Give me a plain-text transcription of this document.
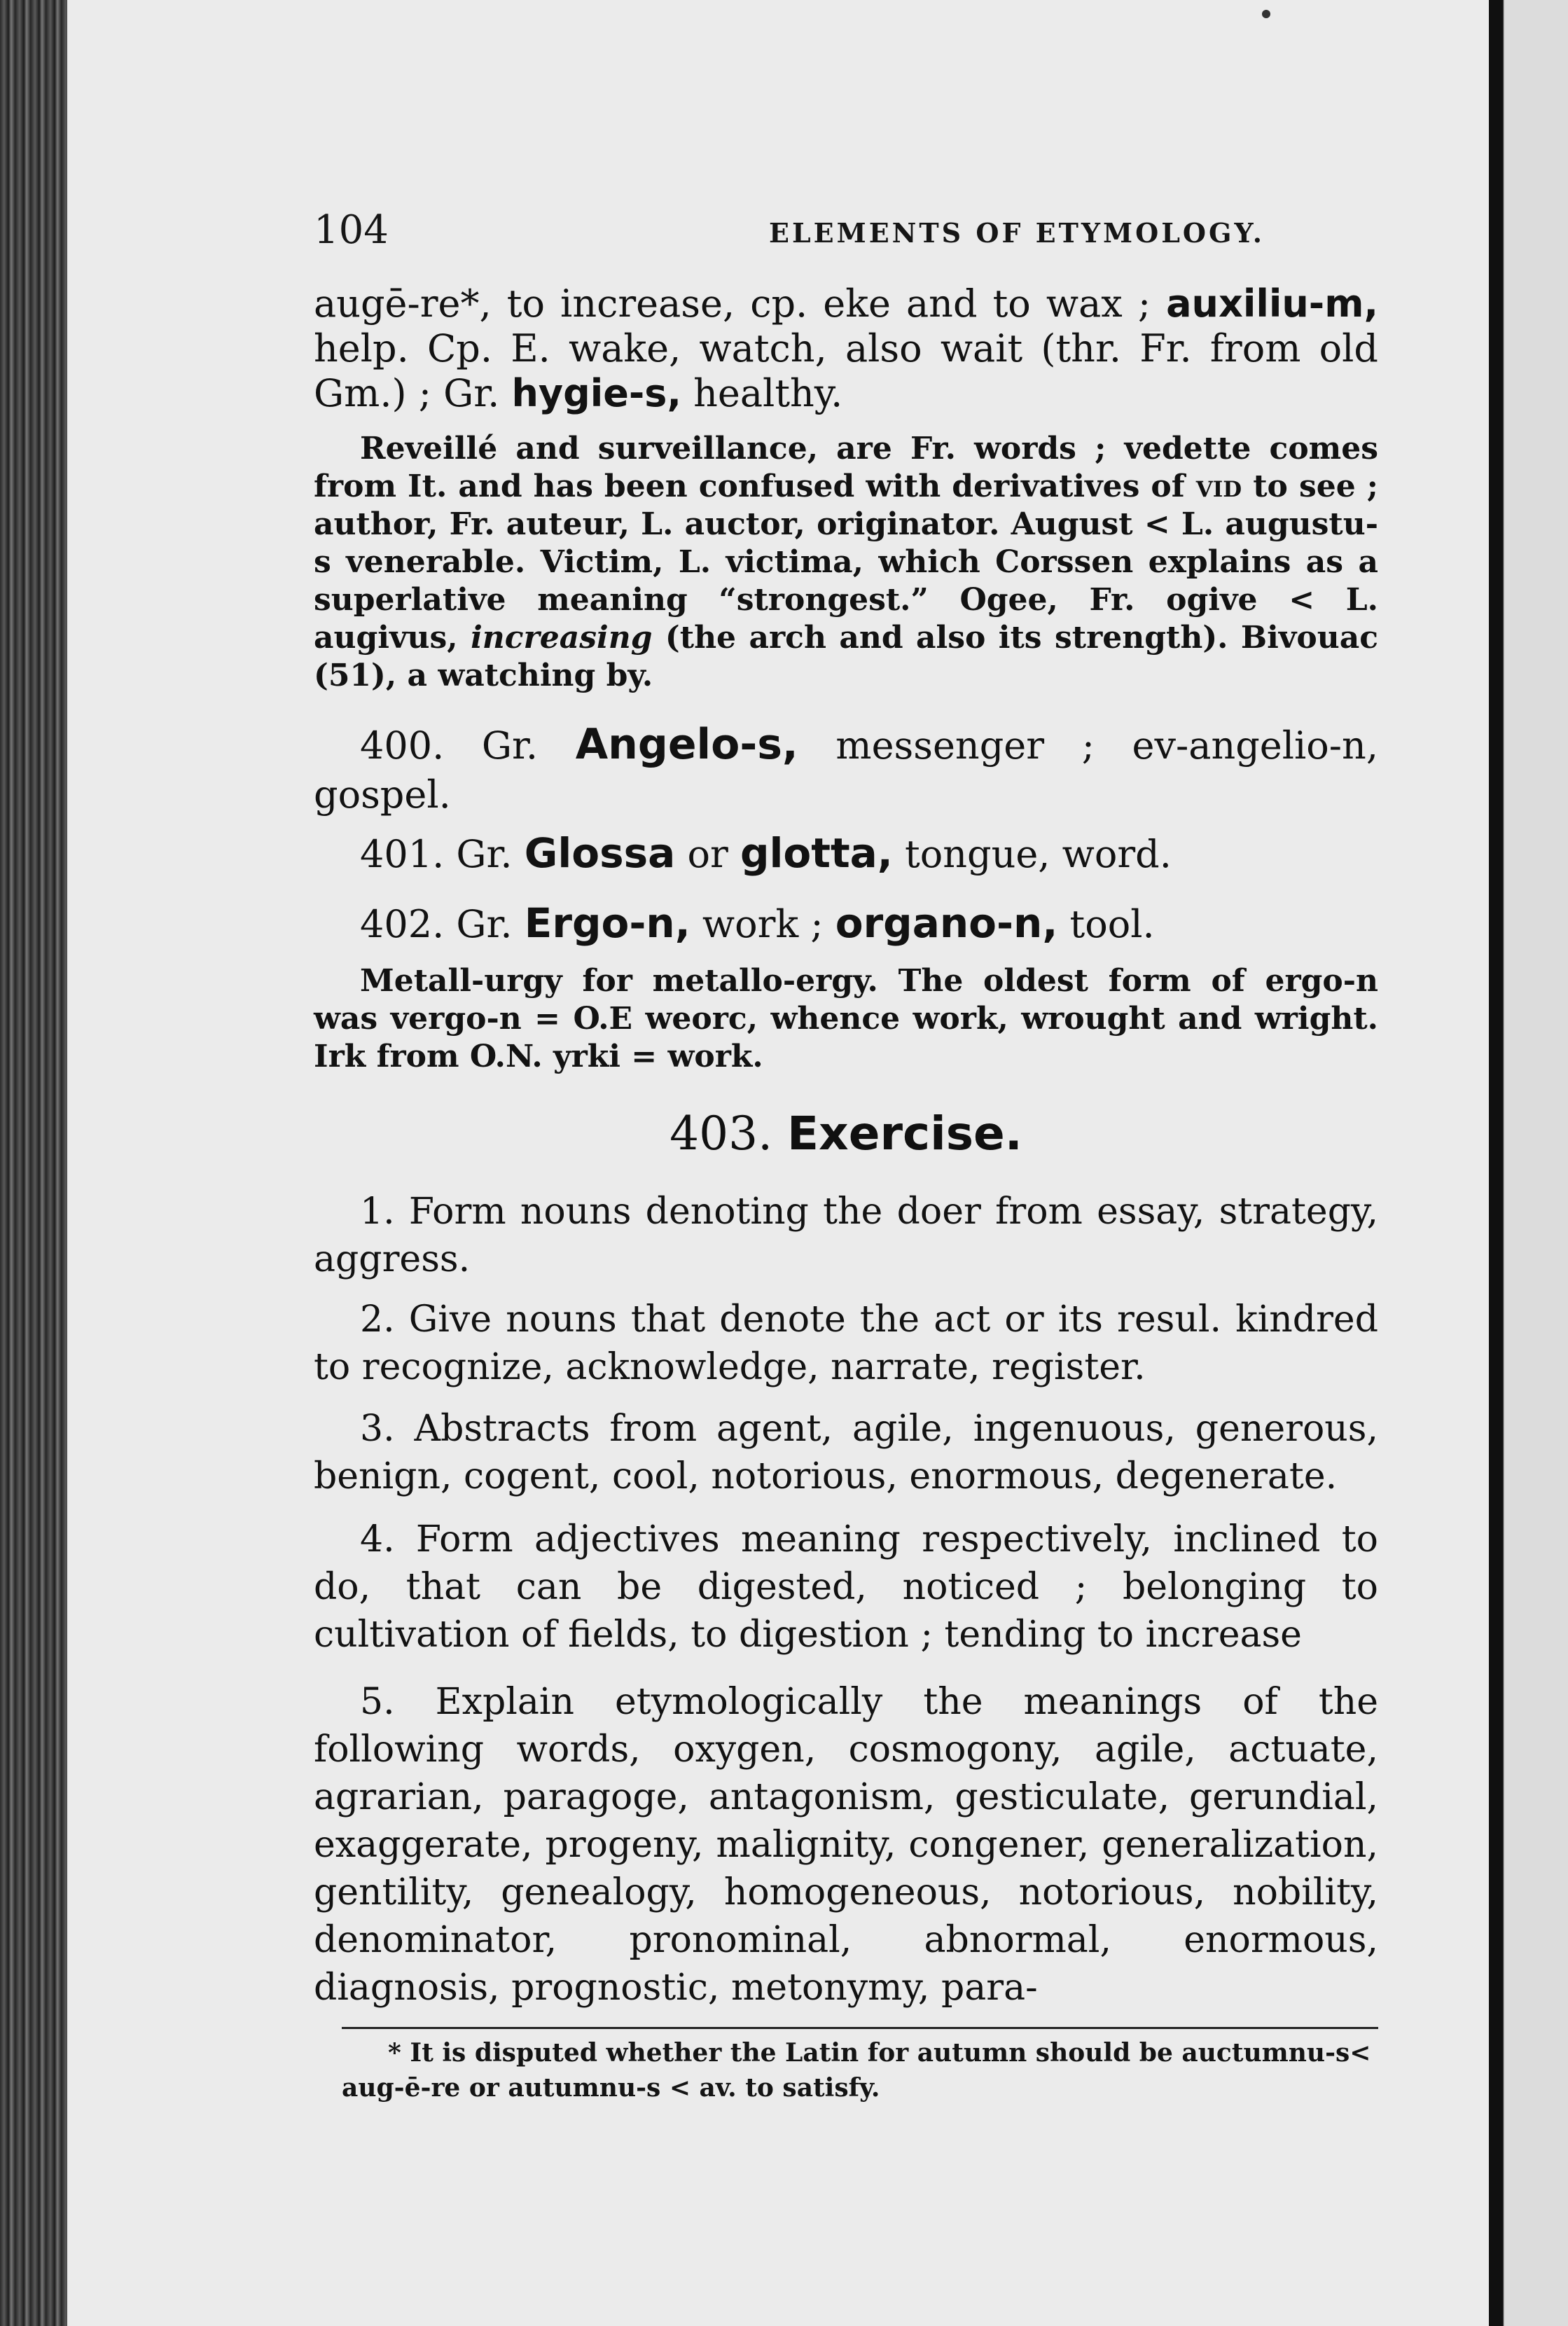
104	ELEMENTS OF ETYMOLOGY.
augē-re*, to increase, cp. eke and to wax ; auxiliu-m, help. Cp. E. wake, watch, also wait (thr. Fr. from old Gm.) ; Gr. hygie-s, healthy.
Reveillé and surveillance, are Fr. words ; vedette comes from It. and has been confused with derivatives of vid to see ; author, Fr. auteur, L. auctor, originator. August < L. augustu-s venerable. Victim, L. victima, which Corssen explains as a superlative meaning “strongest.” Ogee, Fr. ogive < L. augivus, increasing (the arch and also its strength). Bivouac (51), a watching by.
400. Gr. Angelo-s, messenger ; ev-angelio-n, gospel.
401. Gr. Glossa or glotta, tongue, word.
402. Gr. Ergo-n, work ; organo-n, tool.
Metall-urgy for metallo-ergy. The oldest form of ergo-n was vergo-n = O.E weorc, whence work, wrought and wright. Irk from O.N. yrki = work.
403. Exercise.
1. Form nouns denoting the doer from essay, strategy, aggress.
2. Give nouns that denote the act or its resul. kindred to recognize, acknowledge, narrate, register.
3. Abstracts from agent, agile, ingenuous, generous, benign, cogent, cool, notorious, enormous, degenerate.
4. Form adjectives meaning respectively, inclined to do, that can be digested, noticed ; belonging to cultivation of fields, to digestion ; tending to increase
5. Explain etymologically the meanings of the following words, oxygen, cosmogony, agile, actuate, agrarian, paragoge, antagonism, gesticulate, gerundial, exaggerate, progeny, malignity, congener, generalization, gentility, genealogy, homogeneous, notorious, nobility, denominator, pronominal, abnormal, enormous, diagnosis, prognostic, metonymy, para-
* It is disputed whether the Latin for autumn should be auctumnu-s< aug-ē-re or autumnu-s < av. to satisfy.
